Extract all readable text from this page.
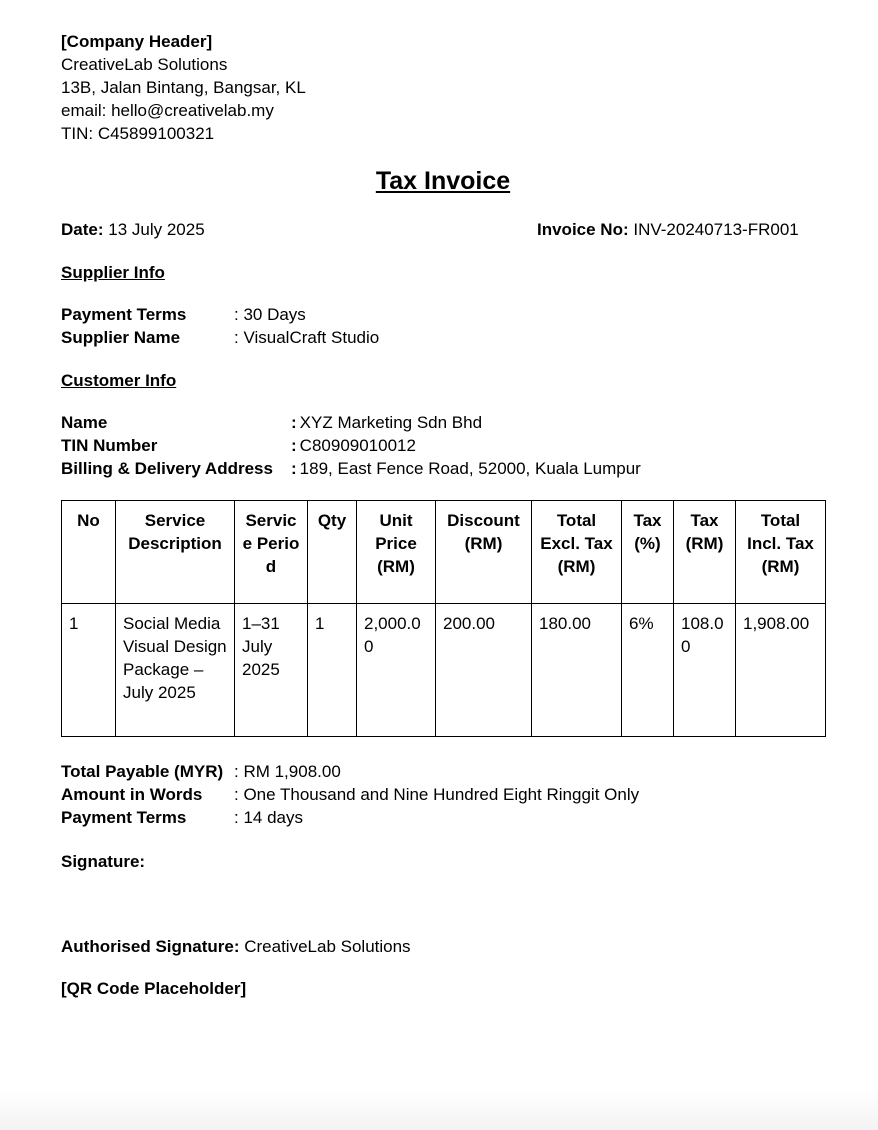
[Company Header]
CreativeLab Solutions
13B, Jalan Bintang, Bangsar, KL
email: hello@creativelab.my
TIN: C45899100321
Tax Invoice
Date: 13 July 2025	Invoice No: INV-20240713-FR001
Supplier Info
Payment Terms	: 30 Days
Supplier Name	: VisualCraft Studio
Customer Info
Name	: XYZ Marketing Sdn Bhd
TIN Number	: C80909010012
Billing & Delivery Address	: 189, East Fence Road, 52000, Kuala Lumpur
No	Service Description	Service Period	Qty	Unit Price (RM)	Discount (RM)	Total Excl. Tax (RM)	Tax (%)	Tax (RM)	Total Incl. Tax (RM)
1	Social Media Visual Design Package – July 2025	1–31 July 2025	1	2,000.00	200.00	180.00	6%	108.00	1,908.00
Total Payable (MYR) : RM 1,908.00
Amount in Words	: One Thousand and Nine Hundred Eight Ringgit Only
Payment Terms	: 14 days
Signature:
Authorised Signature: CreativeLab Solutions
[QR Code Placeholder]
